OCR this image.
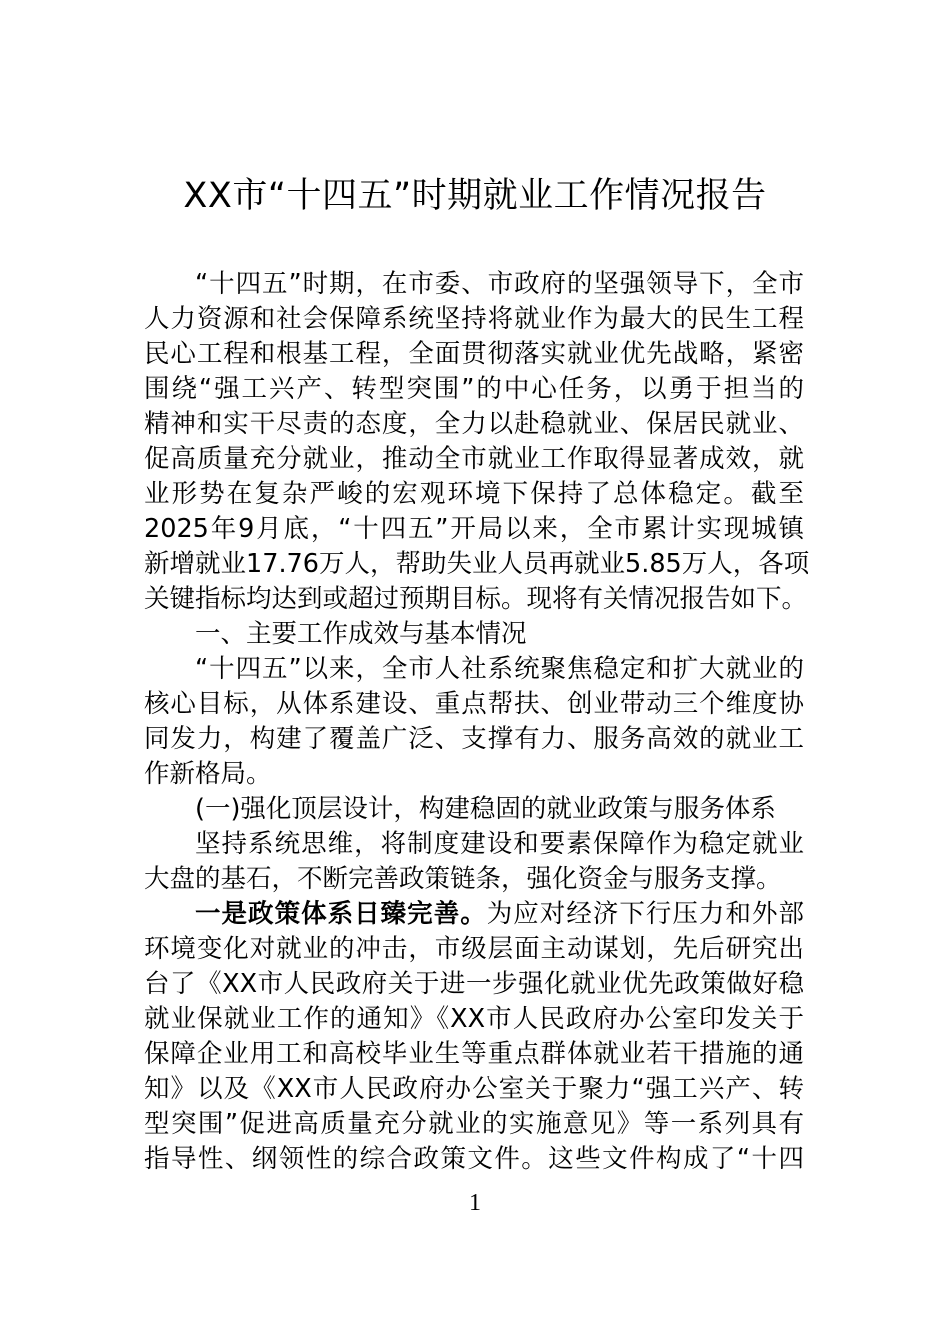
XX市“十四五”时期就业工作情况报告

“十四五”时期，在市委、市政府的坚强领导下，全市

人力资源和社会保障系统坚持将就业作为最大的民生工程

民心工程和根基工程，全面贯彻落实就业优先战略，紧密

围绕“强工兴产、转型突围”的中心任务，以勇于担当的

精神和实干尽责的态度，全力以赴稳就业、保居民就业、

促高质量充分就业，推动全市就业工作取得显著成效，就

业形势在复杂严峻的宏观环境下保持了总体稳定。截至

2025年9月底，“十四五”开局以来，全市累计实现城镇

新增就业17.76万人，帮助失业人员再就业5.85万人，各项

关键指标均达到或超过预期目标。现将有关情况报告如下。

一、主要工作成效与基本情况

“十四五”以来，全市人社系统聚焦稳定和扩大就业的

核心目标，从体系建设、重点帮扶、创业带动三个维度协

同发力，构建了覆盖广泛、支撑有力、服务高效的就业工

作新格局。

(一)强化顶层设计，构建稳固的就业政策与服务体系

坚持系统思维，将制度建设和要素保障作为稳定就业

大盘的基石，不断完善政策链条，强化资金与服务支撑。

一是政策体系日臻完善。为应对经济下行压力和外部

环境变化对就业的冲击，市级层面主动谋划，先后研究出

台了《XX市人民政府关于进一步强化就业优先政策做好稳

就业保就业工作的通知》《XX市人民政府办公室印发关于

保障企业用工和高校毕业生等重点群体就业若干措施的通

知》以及《XX市人民政府办公室关于聚力“强工兴产、转

型突围”促进高质量充分就业的实施意见》等一系列具有

指导性、纲领性的综合政策文件。这些文件构成了“十四

1
